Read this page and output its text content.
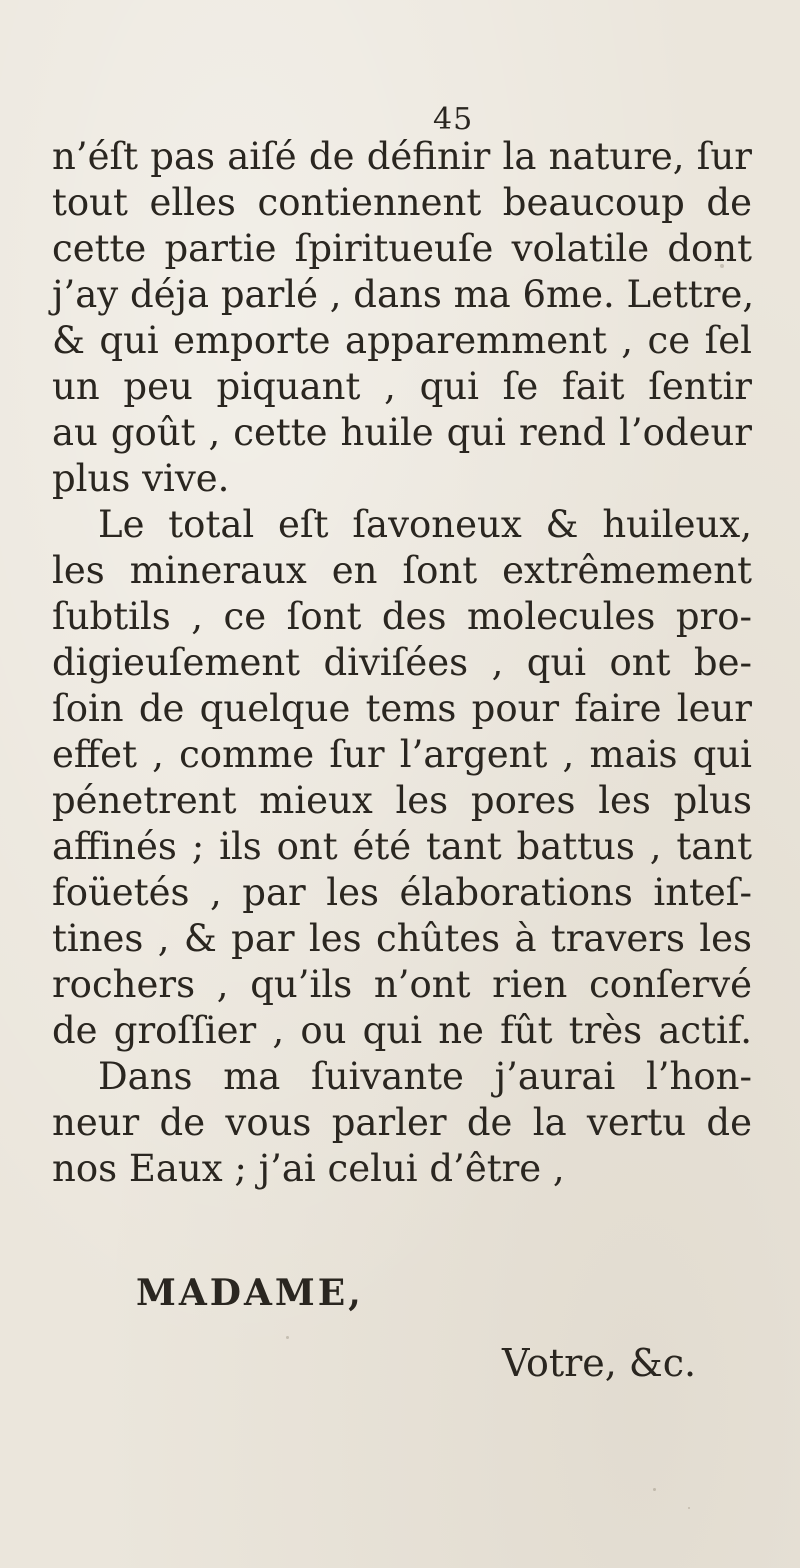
45
n’éſt pas aiſé de définir la nature, ſur
tout elles contiennent beaucoup de
cette partie ſpiritueuſe volatile dont
j’ay déja parlé , dans ma 6me. Lettre,
& qui emporte apparemment , ce ſel
un peu piquant , qui ſe fait ſentir
au goût , cette huile qui rend l’odeur
plus vive.
Le total eſt ſavoneux & huileux,
les mineraux en ſont extrêmement
ſubtils , ce ſont des molecules pro-
digieuſement diviſées , qui ont be-
ſoin de quelque tems pour faire leur
effet , comme ſur l’argent , mais qui
pénetrent mieux les pores les plus
affinés ; ils ont été tant battus , tant
foüetés , par les élaborations inteſ-
tines , & par les chûtes à travers les
rochers , qu’ils n’ont rien conſervé
de groſſier , ou qui ne fût très actif.
Dans ma ſuivante j’aurai l’hon-
neur de vous parler de la vertu de
nos Eaux ; j’ai celui d’être ,
MADAME,
Votre, &c.
